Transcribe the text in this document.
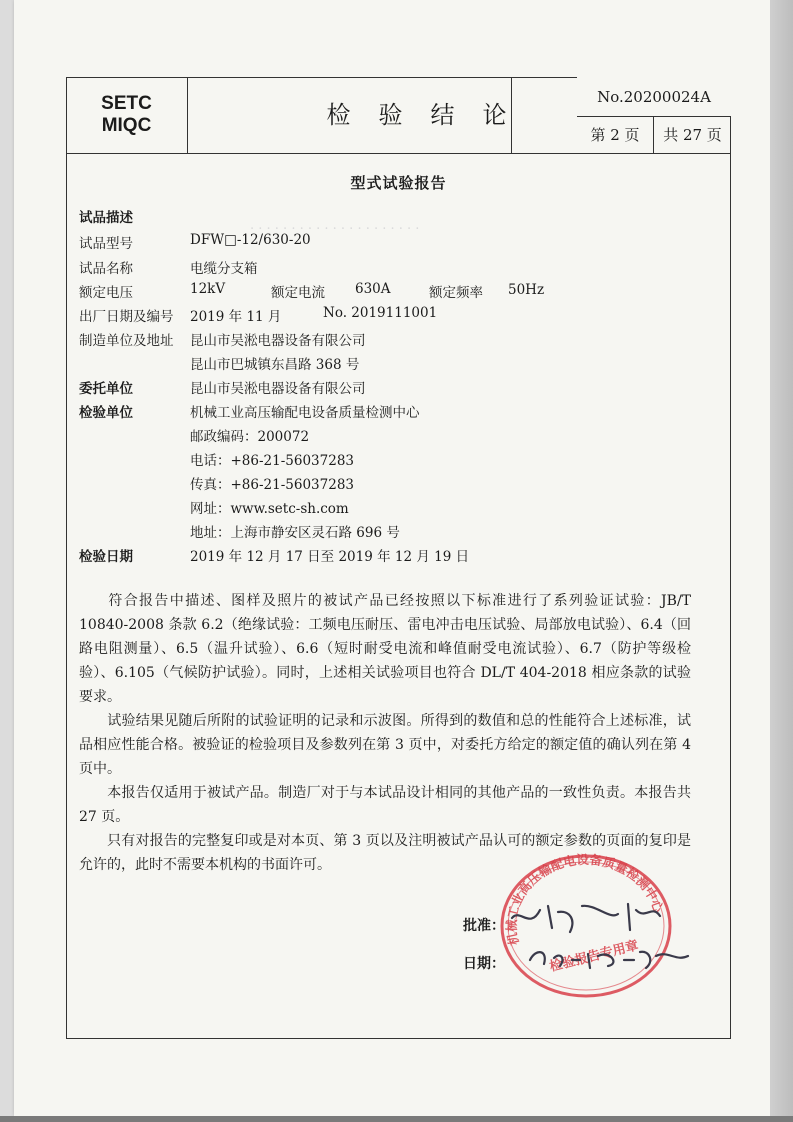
. . . . . . . . . . . . . . . . . . . . .
SETC
MIQC	检验结论
No.20200024A
第 2 页	共 27 页
型式试验报告
试品描述
试品型号	DFW□-12/630-20
试品名称	电缆分支箱
额定电压	12kV	额定电流 630A	额定频率 50Hz
出厂日期及编号 2019 年 11 月	No. 2019111001
制造单位及地址 昆山市吴淞电器设备有限公司
昆山市巴城镇东昌路 368 号
委托单位	昆山市吴淞电器设备有限公司
检验单位	机械工业高压输配电设备质量检测中心
邮政编码：200072
电话：+86-21-56037283
传真：+86-21-56037283
网址：www.setc-sh.com
地址：上海市静安区灵石路 696 号
检验日期	2019 年 12 月 17 日至 2019 年 12 月 19 日
符合报告中描述、图样及照片的被试产品已经按照以下标准进行了系列验证试验：JB/T 10840-2008 条款 6.2（绝缘试验：工频电压耐压、雷电冲击电压试验、局部放电试验）、6.4（回路电阻测量）、6.5（温升试验）、6.6（短时耐受电流和峰值耐受电流试验）、6.7（防护等级检验）、6.105（气候防护试验）。同时，上述相关试验项目也符合 DL/T 404-2018 相应条款的试验要求。
试验结果见随后所附的试验证明的记录和示波图。所得到的数值和总的性能符合上述标准，试品相应性能合格。被验证的检验项目及参数列在第 3 页中，对委托方给定的额定值的确认列在第 4 页中。
本报告仅适用于被试产品。制造厂对于与本试品设计相同的其他产品的一致性负责。本报告共 27 页。
只有对报告的完整复印或是对本页、第 3 页以及注明被试产品认可的额定参数的页面的复印是允许的，此时不需要本机构的书面许可。
机械工业高压输配电设备质量检测中心
检验报告专用章
批准：
日期：
